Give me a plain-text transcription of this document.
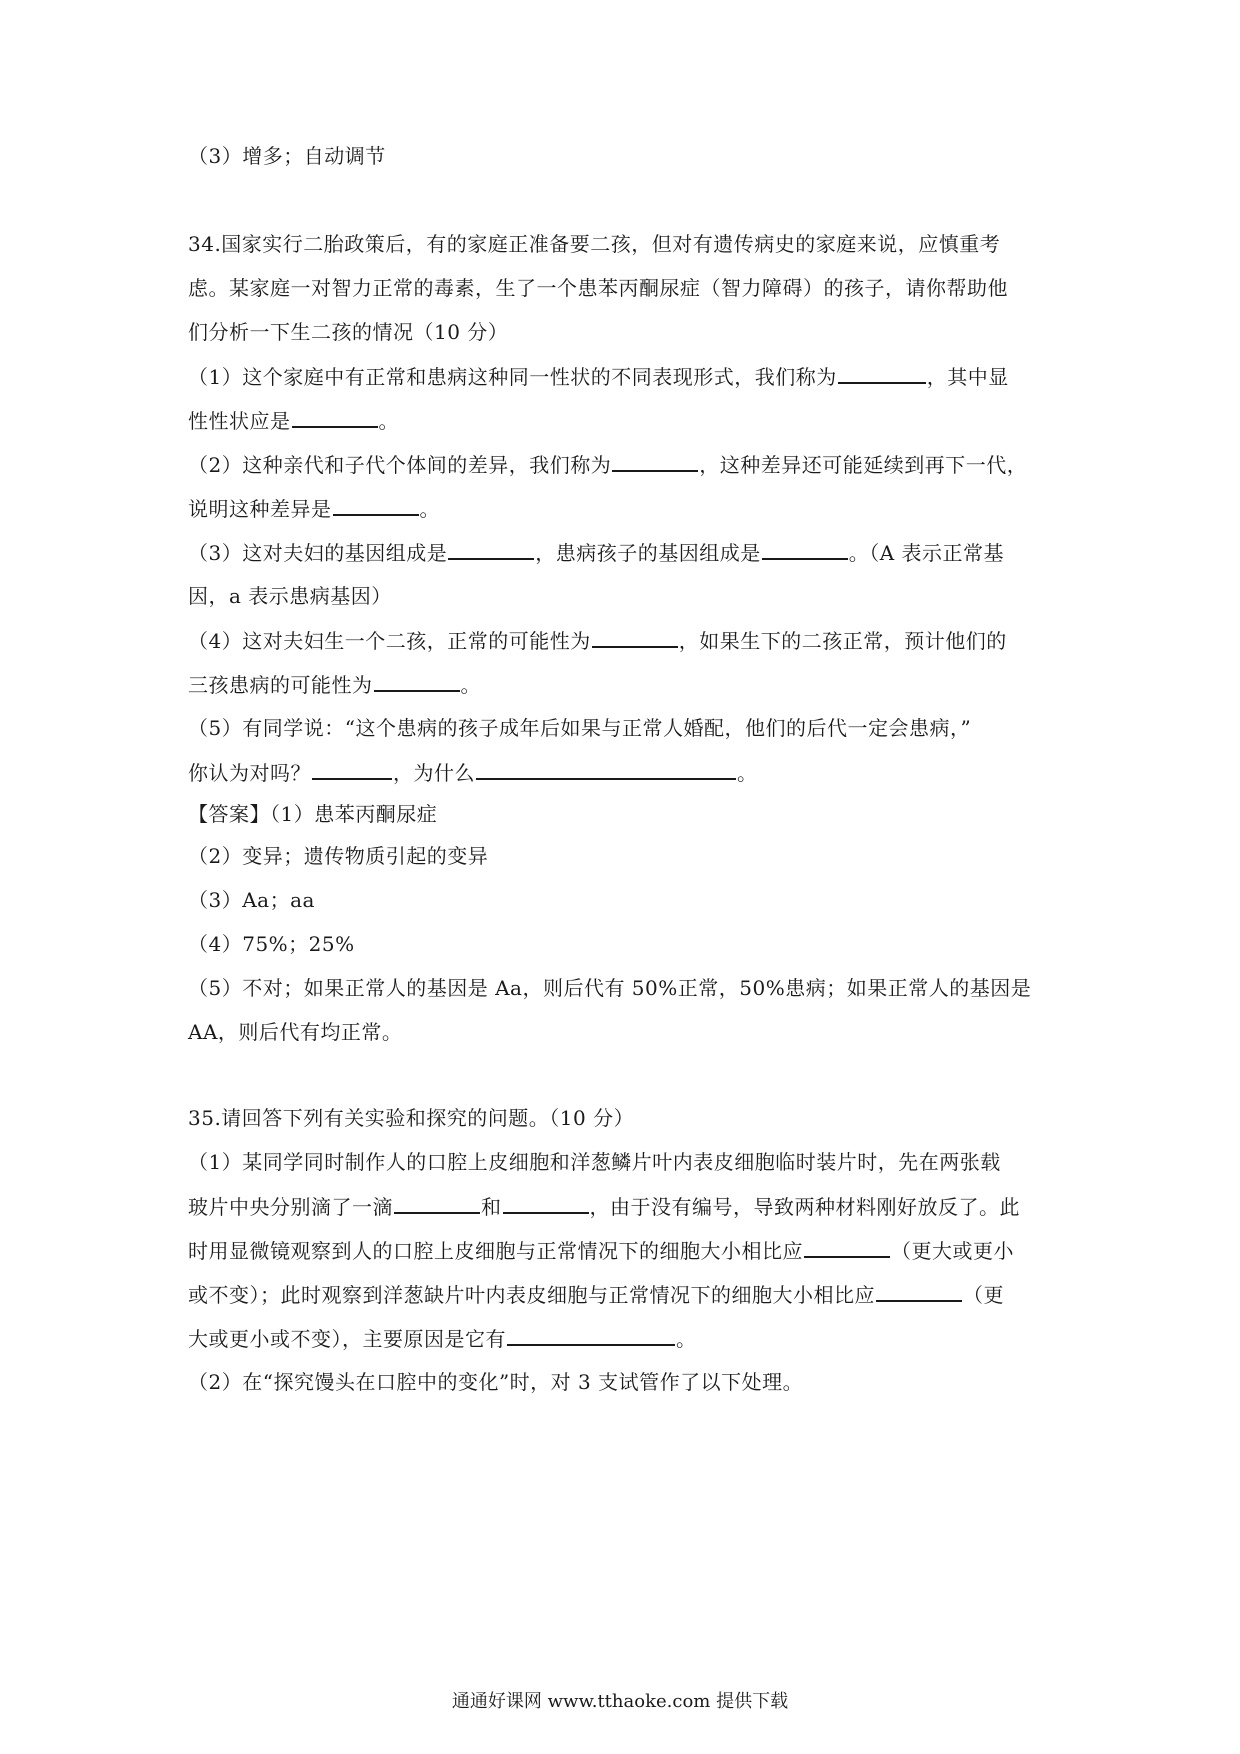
（3）增多；自动调节
34.国家实行二胎政策后，有的家庭正准备要二孩，但对有遗传病史的家庭来说，应慎重考
虑。某家庭一对智力正常的毒素，生了一个患苯丙酮尿症（智力障碍）的孩子，请你帮助他
们分析一下生二孩的情况（10 分）
（1）这个家庭中有正常和患病这种同一性状的不同表现形式，我们称为	，其中显
性性状应是	。
（2）这种亲代和子代个体间的差异，我们称为	，这种差异还可能延续到再下一代，
说明这种差异是	。
（3）这对夫妇的基因组成是	，患病孩子的基因组成是	。（A 表示正常基
因，a 表示患病基因）
（4）这对夫妇生一个二孩，正常的可能性为	，如果生下的二孩正常，预计他们的
三孩患病的可能性为	。
（5）有同学说：“这个患病的孩子成年后如果与正常人婚配，他们的后代一定会患病，”
你认为对吗？	，为什么	。
【答案】（1）患苯丙酮尿症
（2）变异；遗传物质引起的变异
（3）Aa；aa
（4）75%；25%
（5）不对；如果正常人的基因是 Aa，则后代有 50%正常，50%患病；如果正常人的基因是
AA，则后代有均正常。
35.请回答下列有关实验和探究的问题。（10 分）
（1）某同学同时制作人的口腔上皮细胞和洋葱鳞片叶内表皮细胞临时装片时，先在两张载
玻片中央分别滴了一滴	和	，由于没有编号，导致两种材料刚好放反了。此
时用显微镜观察到人的口腔上皮细胞与正常情况下的细胞大小相比应	（更大或更小
或不变）；此时观察到洋葱缺片叶内表皮细胞与正常情况下的细胞大小相比应	（更
大或更小或不变），主要原因是它有	。
（2）在“探究馒头在口腔中的变化”时，对 3 支试管作了以下处理。
通通好课网 www.tthaoke.com 提供下载
